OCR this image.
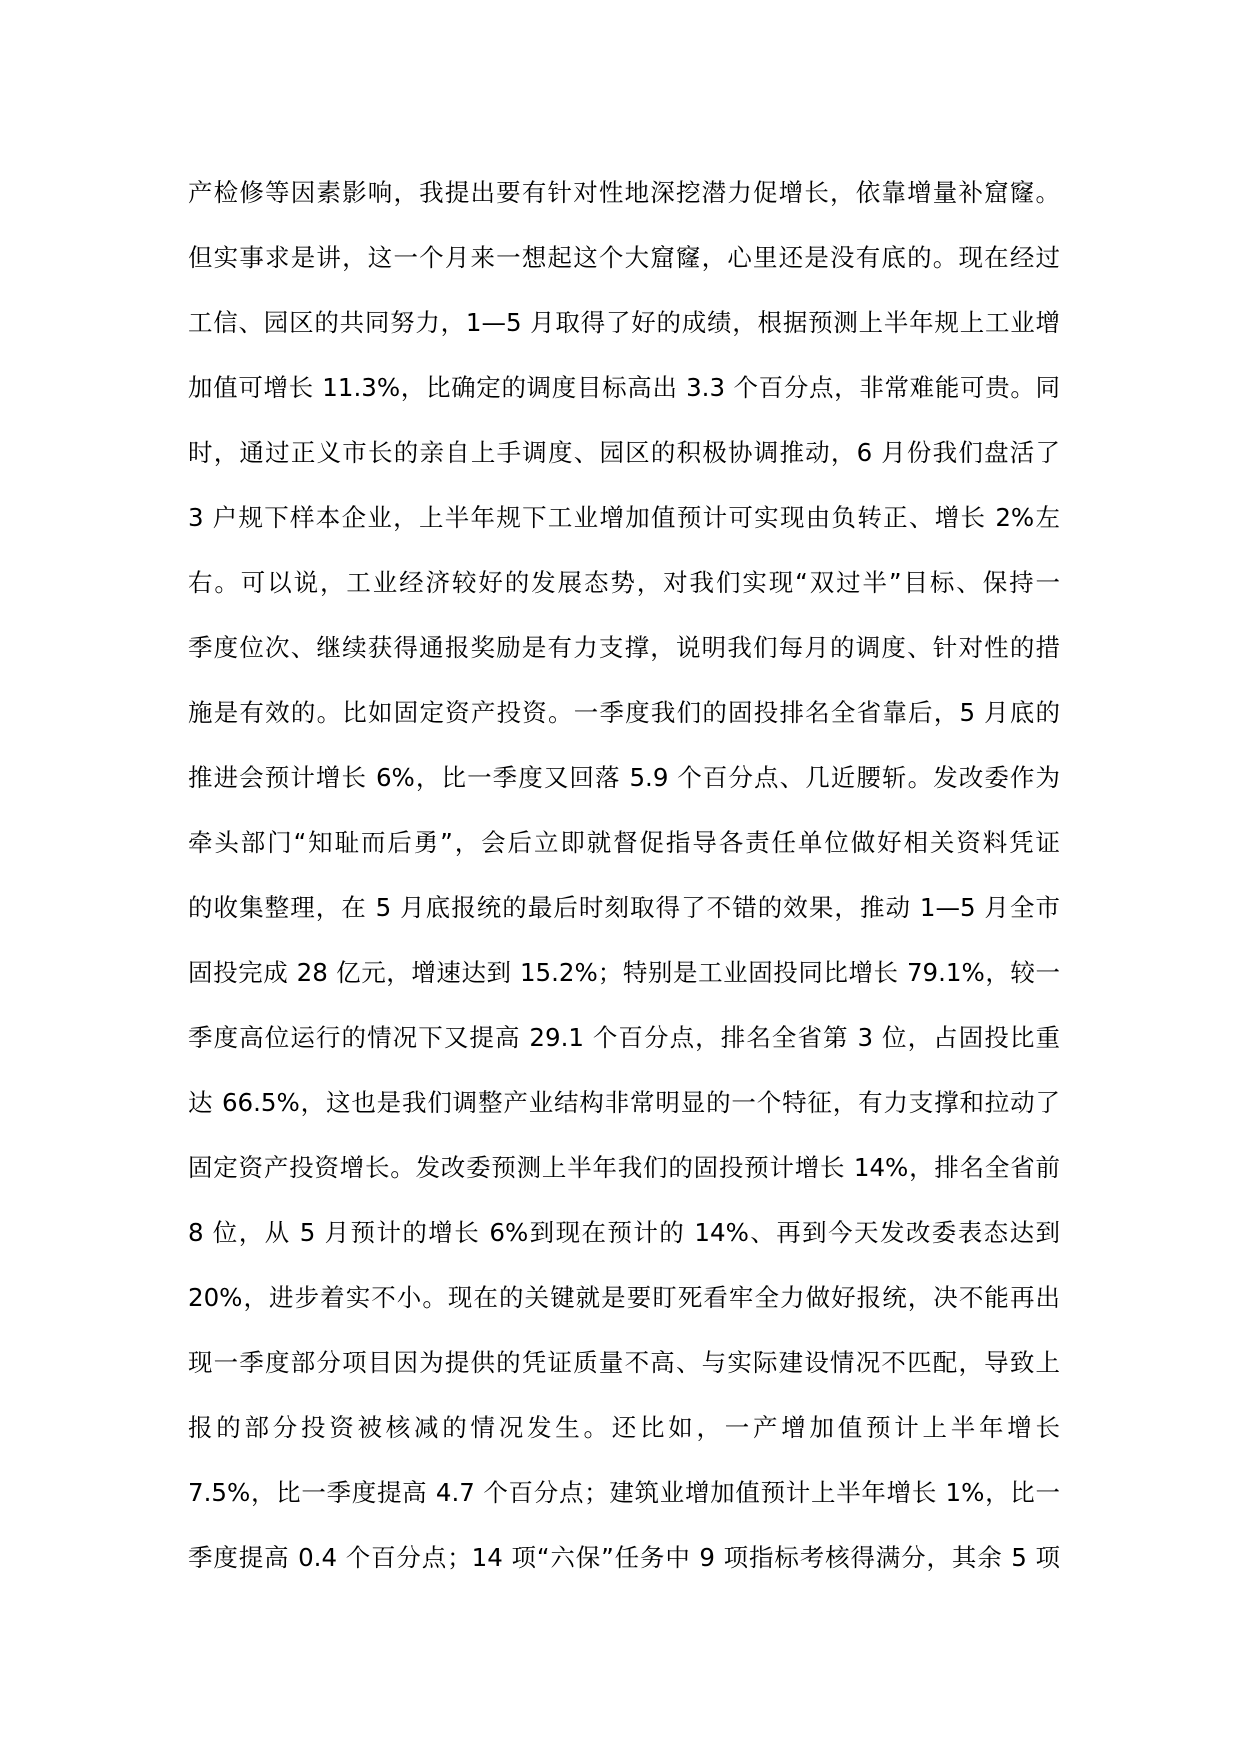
产检修等因素影响，我提出要有针对性地深挖潜力促增长，依靠增量补窟窿。
但实事求是讲，这一个月来一想起这个大窟窿，心里还是没有底的。现在经过
工信、园区的共同努力，1—5 月取得了好的成绩，根据预测上半年规上工业增
加值可增长 11.3%，比确定的调度目标高出 3.3 个百分点，非常难能可贵。同
时，通过正义市长的亲自上手调度、园区的积极协调推动，6 月份我们盘活了
3 户规下样本企业，上半年规下工业增加值预计可实现由负转正、增长 2%左
右。可以说，工业经济较好的发展态势，对我们实现“双过半”目标、保持一
季度位次、继续获得通报奖励是有力支撑，说明我们每月的调度、针对性的措
施是有效的。比如固定资产投资。一季度我们的固投排名全省靠后，5 月底的
推进会预计增长 6%，比一季度又回落 5.9 个百分点、几近腰斩。发改委作为
牵头部门“知耻而后勇”，会后立即就督促指导各责任单位做好相关资料凭证
的收集整理，在 5 月底报统的最后时刻取得了不错的效果，推动 1—5 月全市
固投完成 28 亿元，增速达到 15.2%；特别是工业固投同比增长 79.1%，较一
季度高位运行的情况下又提高 29.1 个百分点，排名全省第 3 位，占固投比重
达 66.5%，这也是我们调整产业结构非常明显的一个特征，有力支撑和拉动了
固定资产投资增长。发改委预测上半年我们的固投预计增长 14%，排名全省前
8 位，从 5 月预计的增长 6%到现在预计的 14%、再到今天发改委表态达到
20%，进步着实不小。现在的关键就是要盯死看牢全力做好报统，决不能再出
现一季度部分项目因为提供的凭证质量不高、与实际建设情况不匹配，导致上
报的部分投资被核减的情况发生。还比如，一产增加值预计上半年增长
7.5%，比一季度提高 4.7 个百分点；建筑业增加值预计上半年增长 1%，比一
季度提高 0.4 个百分点；14 项“六保”任务中 9 项指标考核得满分，其余 5 项
